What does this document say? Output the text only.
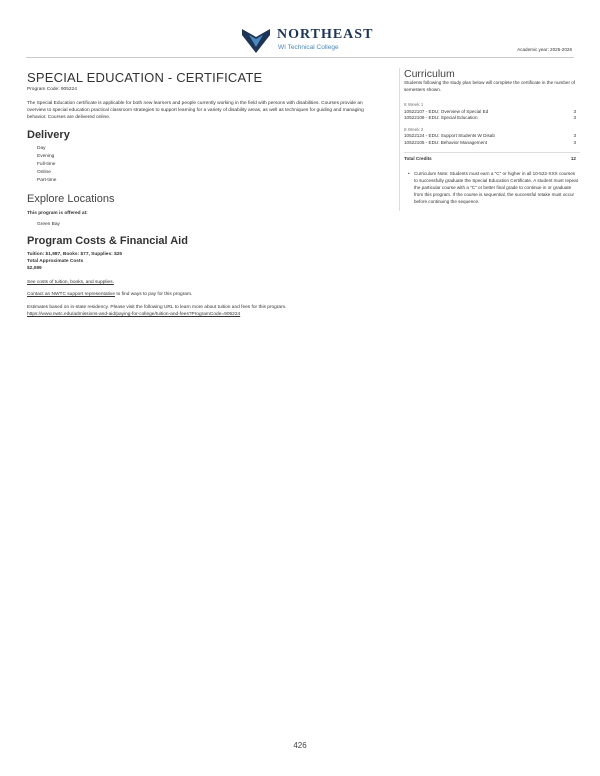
NORTHEAST
WI Technical College	Academic year: 2025-2026
SPECIAL EDUCATION - CERTIFICATE
Program Code: 905224
The Special Education certificate is applicable for both new learners and people currently working in the field with persons with disabilities. Courses provide an overview to special education practical classroom strategies to support learning for a variety of disability areas, as well as techniques for guiding and managing behavior. Courses are delivered online.
Delivery
Day
Evening
Full-time
Online
Part-time
Explore Locations
This program is offered at:
Green Bay
Program Costs & Financial Aid
Tuition: $1,987, Books: $77, Supplies: $25
Total Approximate Costs
$2,089
See costs of tuition, books, and supplies.
Contact an NWTC support representative to find ways to pay for this program.
Estimates based on in-state residency. Please visit the following URL to learn more about tuition and fees for this program.
https://www.nwtc.edu/admissions-and-aid/paying-for-college/tuition-and-fees?ProgramCode=905224
Curriculum
Students following the study plan below will complete the certificate in the number of semesters shown.
8 Week 1
10522107 - EDU: Overview of Special Ed	3
10522109 - EDU: Special Education	3
8 Week 2
10522124 - EDU: Support Students W Disab	3
10522105 - EDU: Behavior Management	3
Total Credits	12
• Curriculum Note: Students must earn a "C" or higher in all 10-522-XXX courses to successfully graduate the Special Education Certificate. A student must repeat the particular course with a "C" or better final grade to continue in or graduate from this program. If the course is sequential, the successful retake must occur before continuing the sequence.
426
